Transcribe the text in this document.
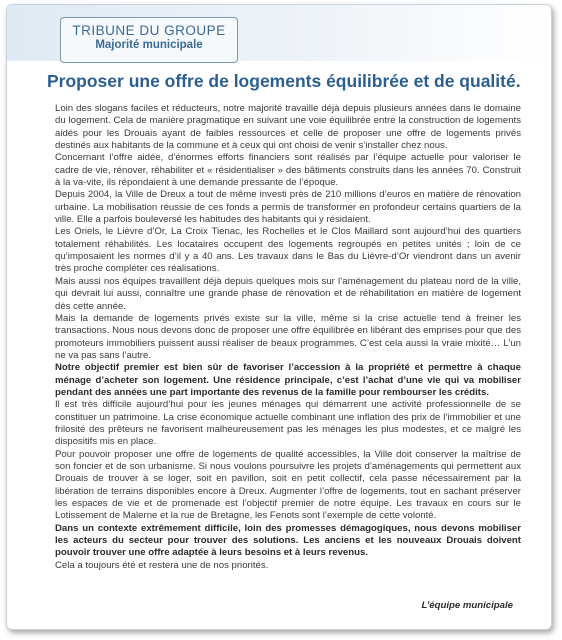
TRIBUNE DU GROUPE
Majorité municipale
Proposer une offre de logements équilibrée et de qualité.

Loin des slogans faciles et réducteurs, notre majorité travaille déjà depuis plusieurs années dans le domaine du logement. Cela de manière pragmatique en suivant une voie équilibrée entre la construction de logements aidés pour les Drouais ayant de faibles ressources et celle de proposer une offre de logements privés destinés aux habitants de la commune et à ceux qui ont choisi de venir s’installer chez nous.

Concernant l’offre aidée, d’énormes efforts financiers sont réalisés par l’équipe actuelle pour valoriser le cadre de vie, rénover, réhabiliter et « résidentialiser » des bâtiments construits dans les années 70. Construit à la va-vite, ils répondaient à une demande pressante de l’époque.

Depuis 2004, la Ville de Dreux a tout de même investi près de 210 millions d’euros en matière de rénovation urbaine. La mobilisation réussie de ces fonds a permis de transformer en profondeur certains quartiers de la ville. Elle a parfois bouleversé les habitudes des habitants qui y résidaient.

Les Oriels, le Lièvre d’Or, La Croix Tienac, les Rochelles et le Clos Maillard sont aujourd’hui des quartiers totalement réhabilités. Les locataires occupent des logements regroupés en petites unités ; loin de ce qu’imposaient les normes d’il y a 40 ans. Les travaux dans le Bas du Lièvre-d’Or viendront dans un avenir très proche compléter ces réalisations.

Mais aussi nos équipes travaillent déjà depuis quelques mois sur l’aménagement du plateau nord de la ville, qui devrait lui aussi, connaître une grande phase de rénovation et de réhabilitation en matière de logement dès cette année.

Mais la demande de logements privés existe sur la ville, même si la crise actuelle tend à freiner les transactions. Nous nous devons donc de proposer une offre équilibrée en libérant des emprises pour que des promoteurs immobiliers puissent aussi réaliser de beaux programmes. C’est cela aussi la vraie mixité… L’un ne va pas sans l’autre.

Notre objectif premier est bien sûr de favoriser l’accession à la propriété et permettre à chaque ménage d’acheter son logement. Une résidence principale, c’est l’achat d’une vie qui va mobiliser pendant des années une part importante des revenus de la famille pour rembourser les crédits.

Il est très difficile aujourd’hui pour les jeunes ménages qui démarrent une activité professionnelle de se constituer un patrimoine. La crise économique actuelle combinant une inflation des prix de l’immobilier et une frilosité des prêteurs ne favorisent malheureusement pas les ménages les plus modestes, et ce malgré les dispositifs mis en place.

Pour pouvoir proposer une offre de logements de qualité accessibles, la Ville doit conserver la maîtrise de son foncier et de son urbanisme. Si nous voulons poursuivre les projets d’aménagements qui permettent aux Drouais de trouver à se loger, soit en pavillon, soit en petit collectif, cela passe nécessairement par la libération de terrains disponibles encore à Dreux. Augmenter l’offre de logements, tout en sachant préserver les espaces de vie et de promenade est l’objectif premier de notre équipe. Les travaux en cours sur le Lotissement de Malerne et la rue de Bretagne, les Fenots sont l’exemple de cette volonté.

Dans un contexte extrêmement difficile, loin des promesses démagogiques, nous devons mobiliser les acteurs du secteur pour trouver des solutions. Les anciens et les nouveaux Drouais doivent pouvoir trouver une offre adaptée à leurs besoins et à leurs revenus.

Cela a toujours été et restera une de nos priorités.

L’équipe municipale
